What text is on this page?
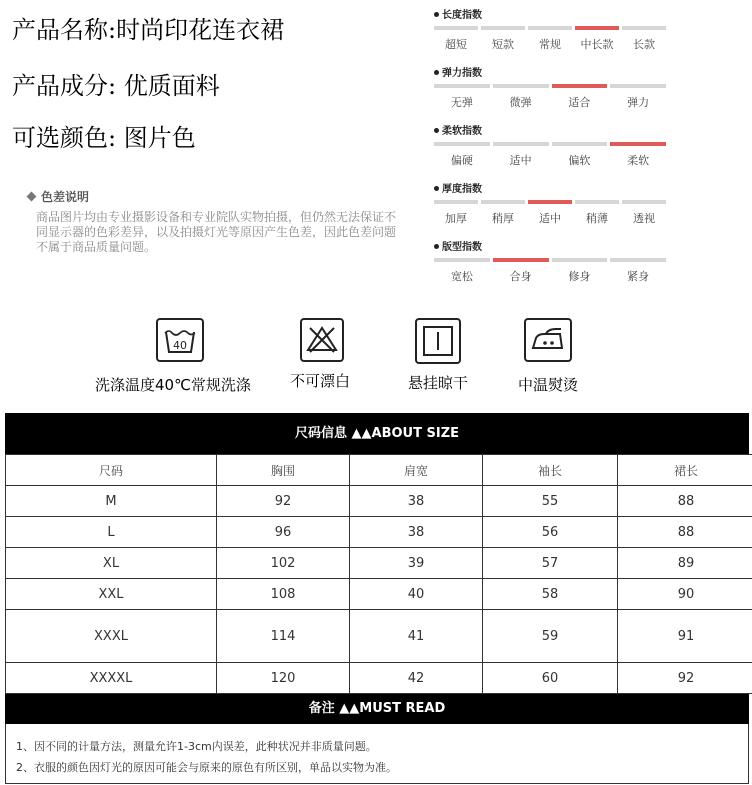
产品名称:时尚印花连衣裙
产品成分: 优质面料
可选颜色: 图片色
色差说明
商品图片均由专业摄影设备和专业院队实物拍摄，但仍然无法保证不同显示器的色彩差异，以及拍摄灯光等原因产生色差，因此色差问题不属于商品质量问题。
长度指数
超短	短款	常规	中长款	长款
弹力指数
无弹	微弹	适合	弹力
柔软指数
偏硬	适中	偏软	柔软
厚度指数
加厚	稍厚	适中	稍薄	透视
版型指数
宽松	合身	修身	紧身
40
洗涤温度40℃常规洗涤	不可漂白	悬挂晾干	中温熨烫
尺码信息 ▲▲ABOUT SIZE
尺码	胸围	肩宽	袖长	裙长
M	92	38	55	88
L	96	38	56	88
XL	102	39	57	89
XXL	108	40	58	90
XXXL	114	41	59	91
XXXXL	120	42	60	92
备注 ▲▲MUST READ
1、因不同的计量方法，测量允许1-3cm内误差，此种状况并非质量问题。
2、衣服的颜色因灯光的原因可能会与原来的原色有所区别，单品以实物为准。
